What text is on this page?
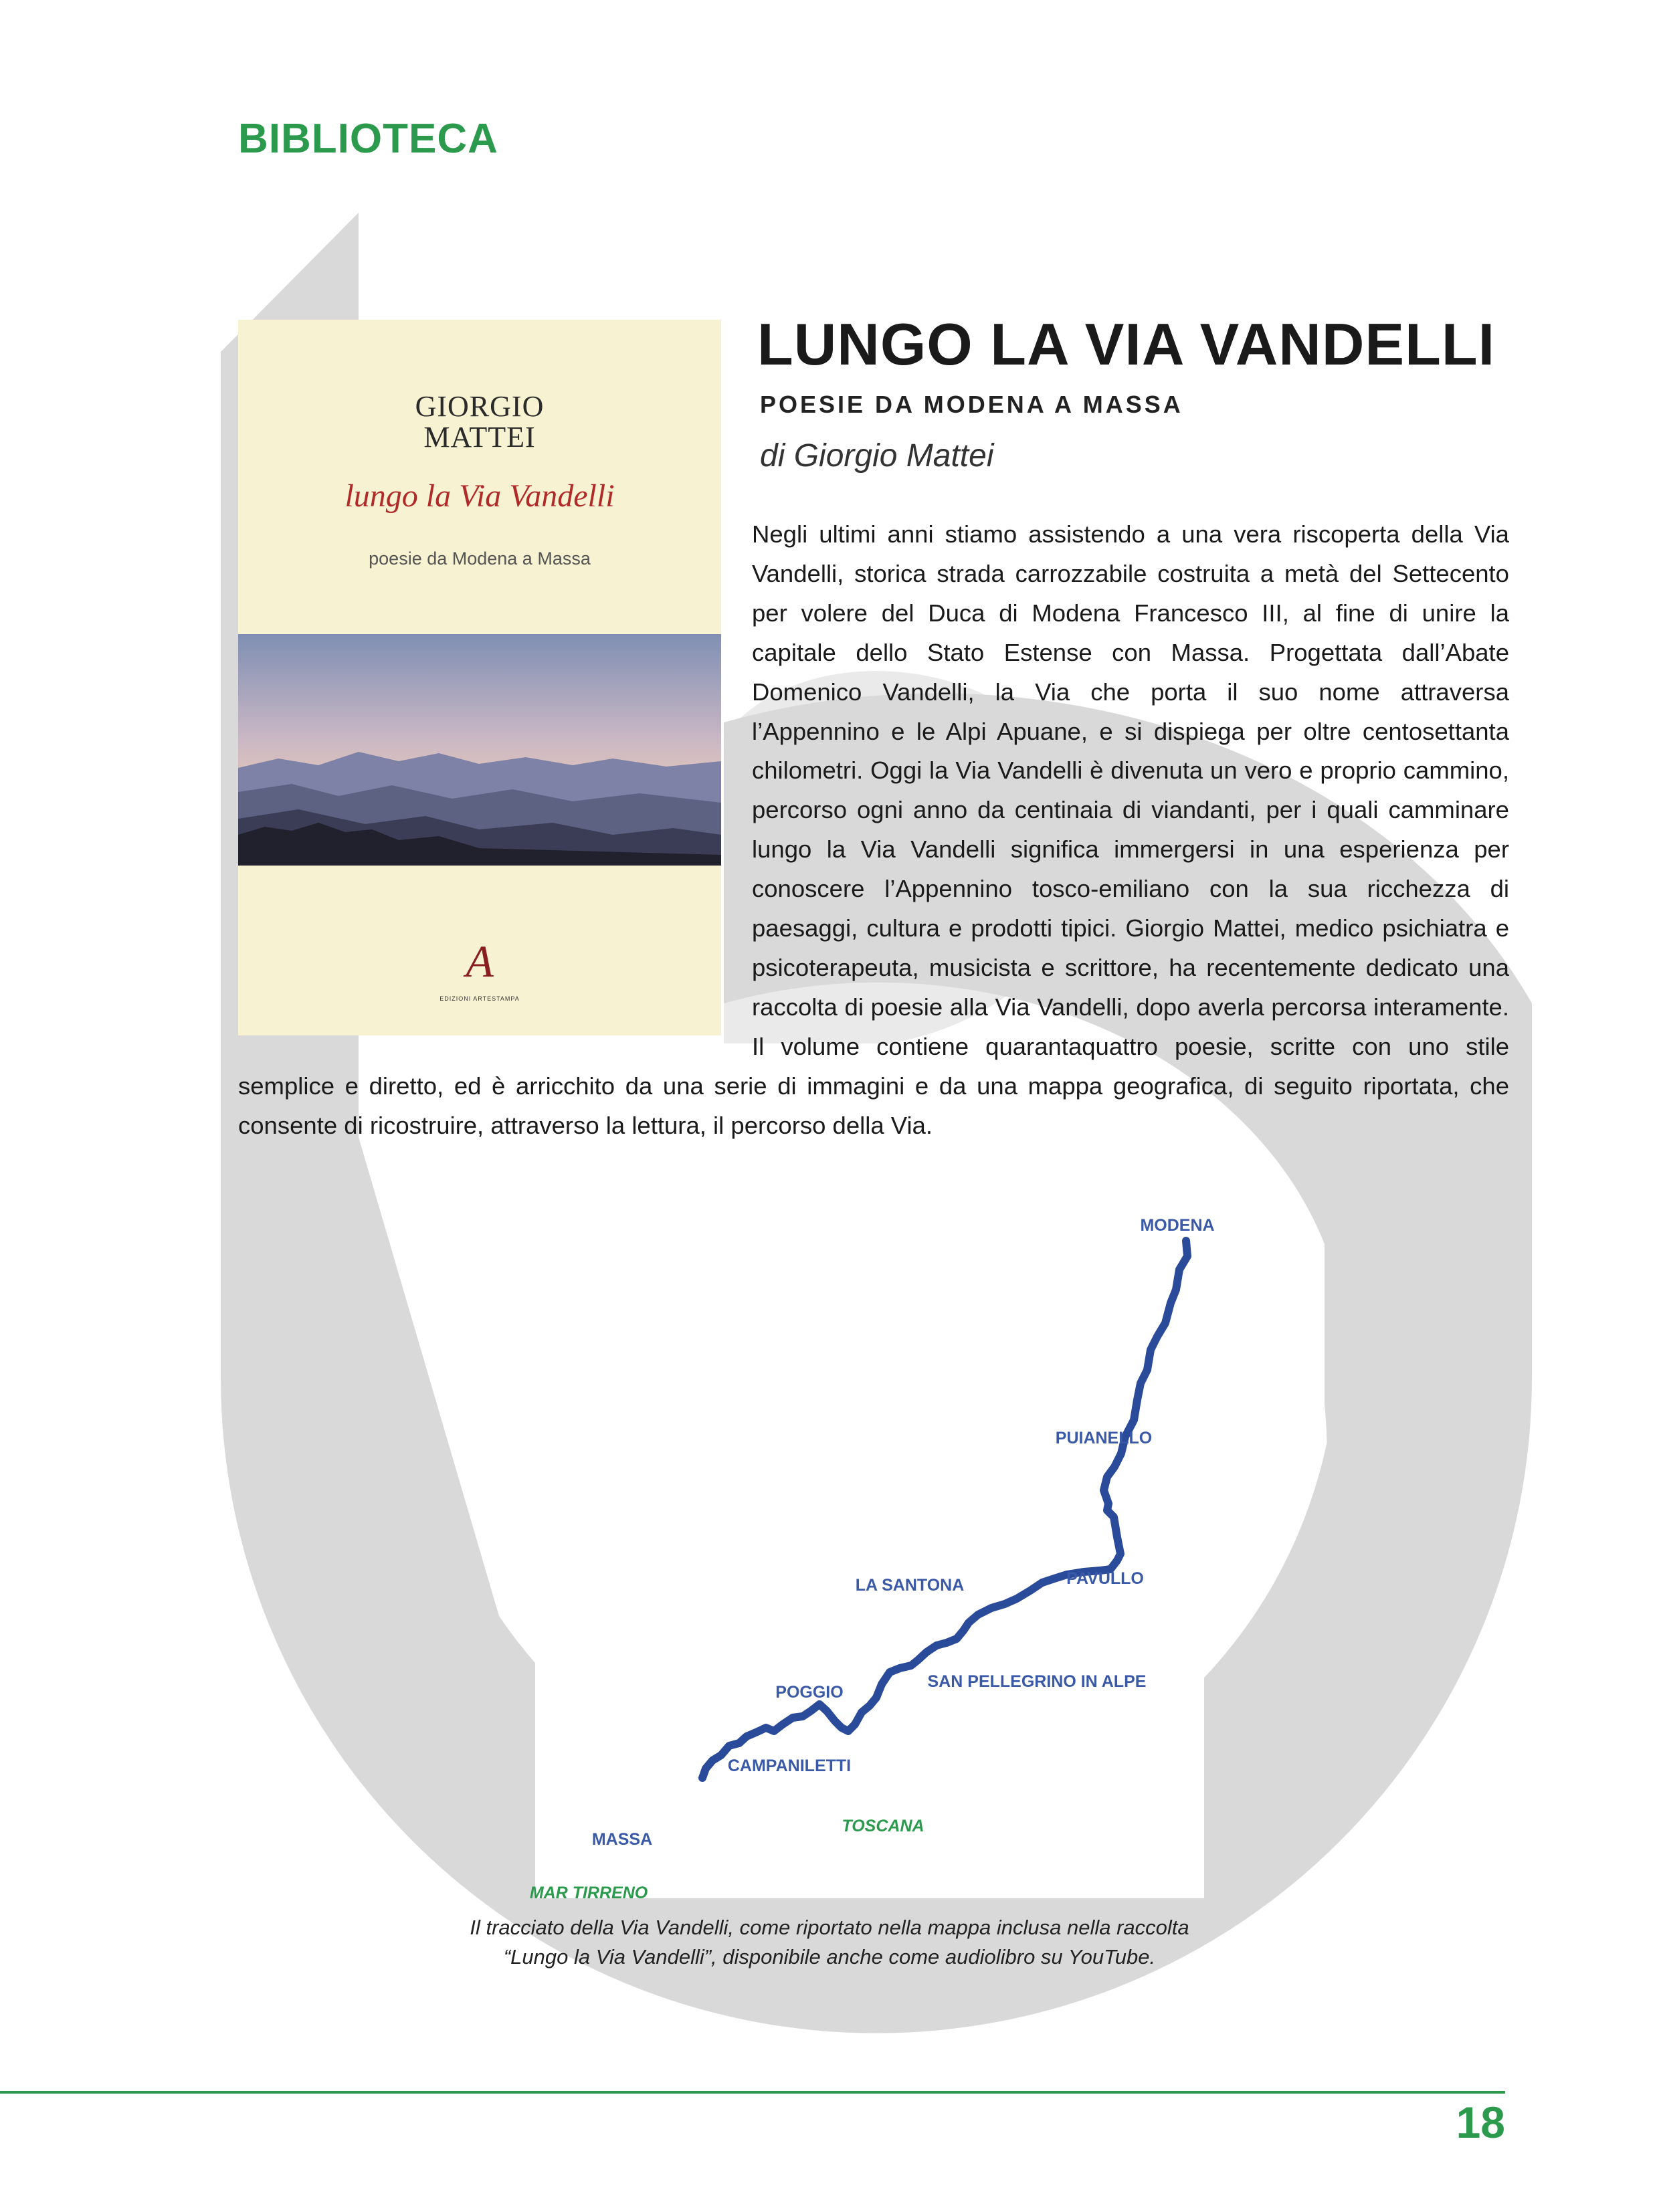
BIBLIOTECA
GIORGIO
MATTEI
lungo la Via Vandelli
poesie da Modena a Massa
A
EDIZIONI ARTESTAMPA
LUNGO LA VIA VANDELLI
POESIE DA MODENA A MASSA
di Giorgio Mattei
Negli ultimi anni stiamo assistendo a una vera riscoperta della Via Vandelli, storica strada carrozzabile costruita a metà del Settecento per volere del Duca di Modena Francesco III, al fine di unire la capitale dello Stato Estense con Massa. Progettata dall’Abate Domenico Vandelli, la Via che porta il suo nome attraversa l’Appennino e le Alpi Apuane, e si dispiega per oltre centosettanta chilometri. Oggi la Via Vandelli è divenuta un vero e proprio cammino, percorso ogni anno da centinaia di viandanti, per i quali camminare lungo la Via Vandelli significa immergersi in una esperienza per conoscere l’Appennino tosco-emiliano con la sua ricchezza di paesaggi, cultura e prodotti tipici. Giorgio Mattei, medico psichiatra e psicoterapeuta, musicista e scrittore, ha recentemente dedicato una raccolta di poesie alla Via Vandelli, dopo averla percorsa interamente. Il volume contiene quarantaquattro poesie, scritte con uno stile semplice e diretto, ed è arricchito da una serie di immagini e da una mappa geografica, di seguito riportata, che consente di ricostruire, attraverso la lettura, il percorso della Via.
MODENA
PUIANELLO
PAVULLO
LA SANTONA
SAN PELLEGRINO IN ALPE
POGGIO
CAMPANILETTI
MASSA
TOSCANA
MAR TIRRENO
Il tracciato della Via Vandelli, come riportato nella mappa inclusa nella raccolta
“Lungo la Via Vandelli”, disponibile anche come audiolibro su YouTube.
18
